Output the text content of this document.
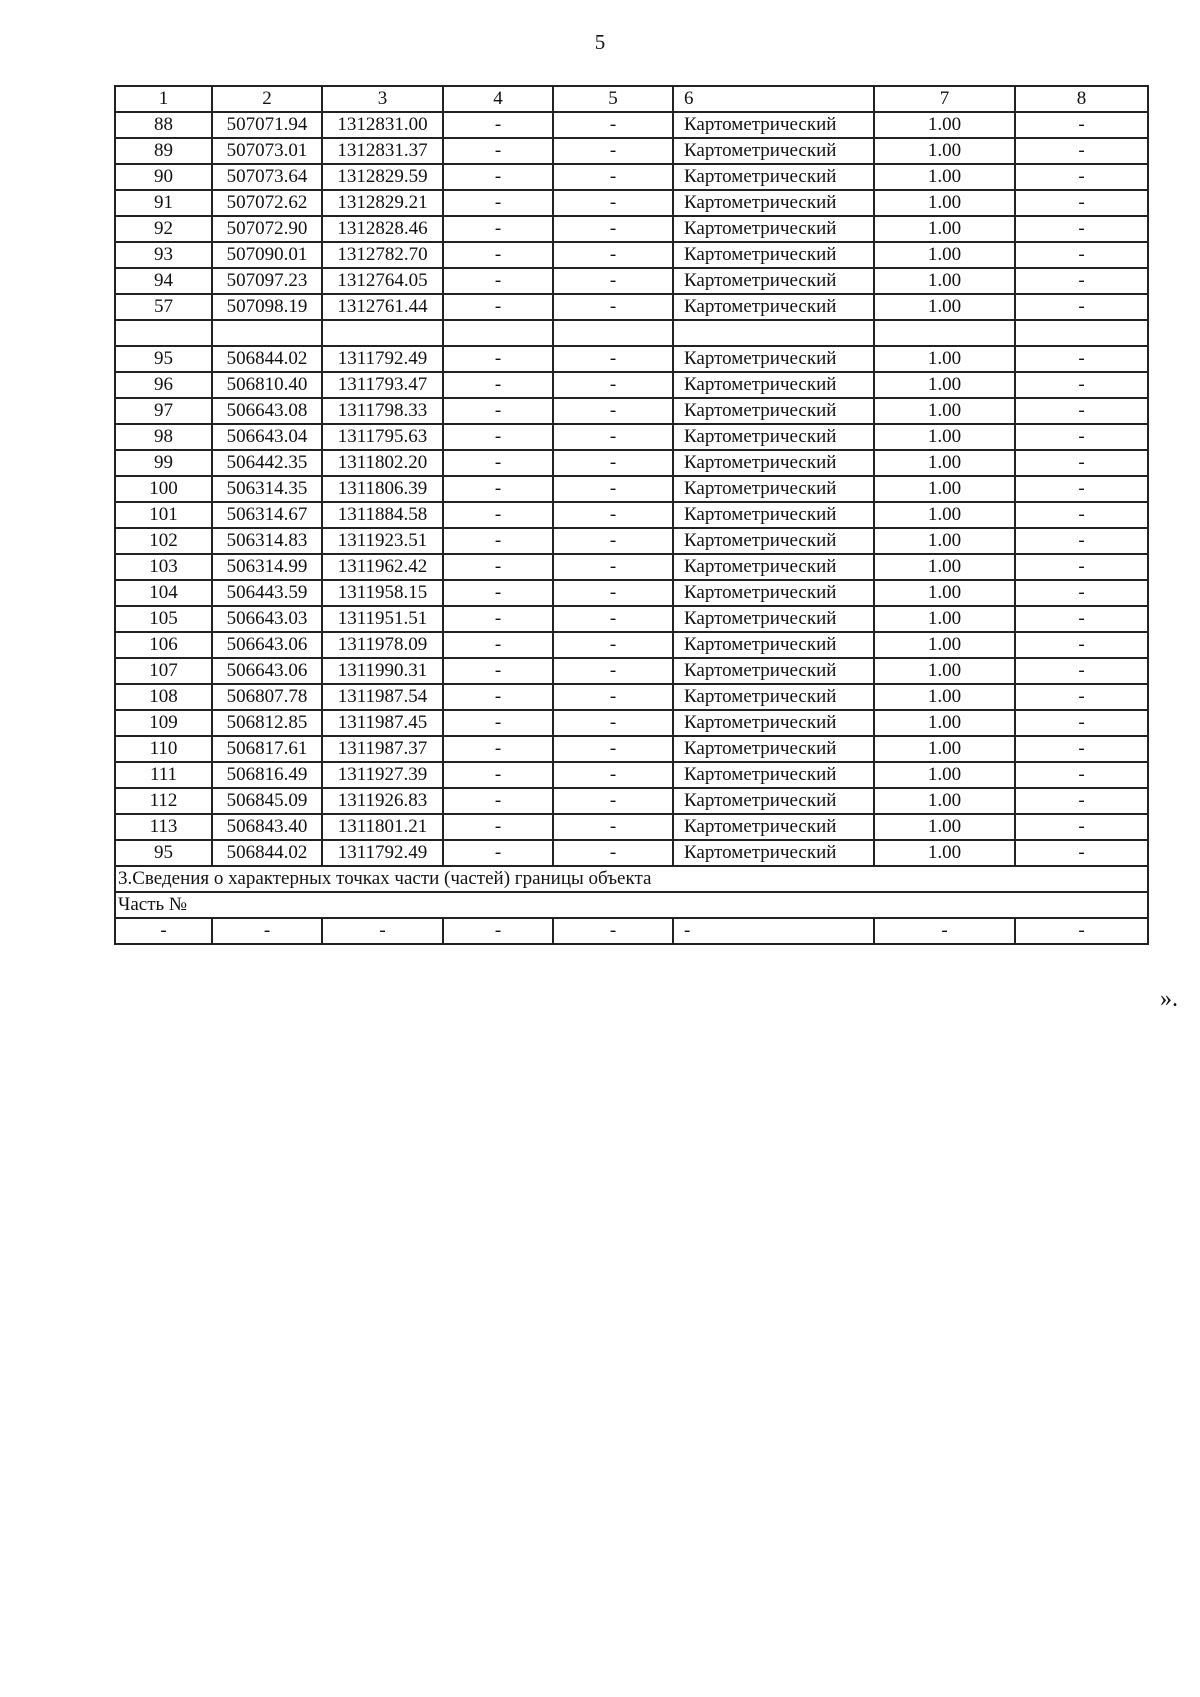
5
1	2	3	4	5	6	7	8
88	507071.94	1312831.00	-	-	Картометрический	1.00	-
89	507073.01	1312831.37	-	-	Картометрический	1.00	-
90	507073.64	1312829.59	-	-	Картометрический	1.00	-
91	507072.62	1312829.21	-	-	Картометрический	1.00	-
92	507072.90	1312828.46	-	-	Картометрический	1.00	-
93	507090.01	1312782.70	-	-	Картометрический	1.00	-
94	507097.23	1312764.05	-	-	Картометрический	1.00	-
57	507098.19	1312761.44	-	-	Картометрический	1.00	-

95	506844.02	1311792.49	-	-	Картометрический	1.00	-
96	506810.40	1311793.47	-	-	Картометрический	1.00	-
97	506643.08	1311798.33	-	-	Картометрический	1.00	-
98	506643.04	1311795.63	-	-	Картометрический	1.00	-
99	506442.35	1311802.20	-	-	Картометрический	1.00	-
100	506314.35	1311806.39	-	-	Картометрический	1.00	-
101	506314.67	1311884.58	-	-	Картометрический	1.00	-
102	506314.83	1311923.51	-	-	Картометрический	1.00	-
103	506314.99	1311962.42	-	-	Картометрический	1.00	-
104	506443.59	1311958.15	-	-	Картометрический	1.00	-
105	506643.03	1311951.51	-	-	Картометрический	1.00	-
106	506643.06	1311978.09	-	-	Картометрический	1.00	-
107	506643.06	1311990.31	-	-	Картометрический	1.00	-
108	506807.78	1311987.54	-	-	Картометрический	1.00	-
109	506812.85	1311987.45	-	-	Картометрический	1.00	-
110	506817.61	1311987.37	-	-	Картометрический	1.00	-
111	506816.49	1311927.39	-	-	Картометрический	1.00	-
112	506845.09	1311926.83	-	-	Картометрический	1.00	-
113	506843.40	1311801.21	-	-	Картометрический	1.00	-
95	506844.02	1311792.49	-	-	Картометрический	1.00	-
3.Сведения о характерных точках части (частей) границы объекта							
Часть №							
-	-	-	-	-	-	-	-
».
